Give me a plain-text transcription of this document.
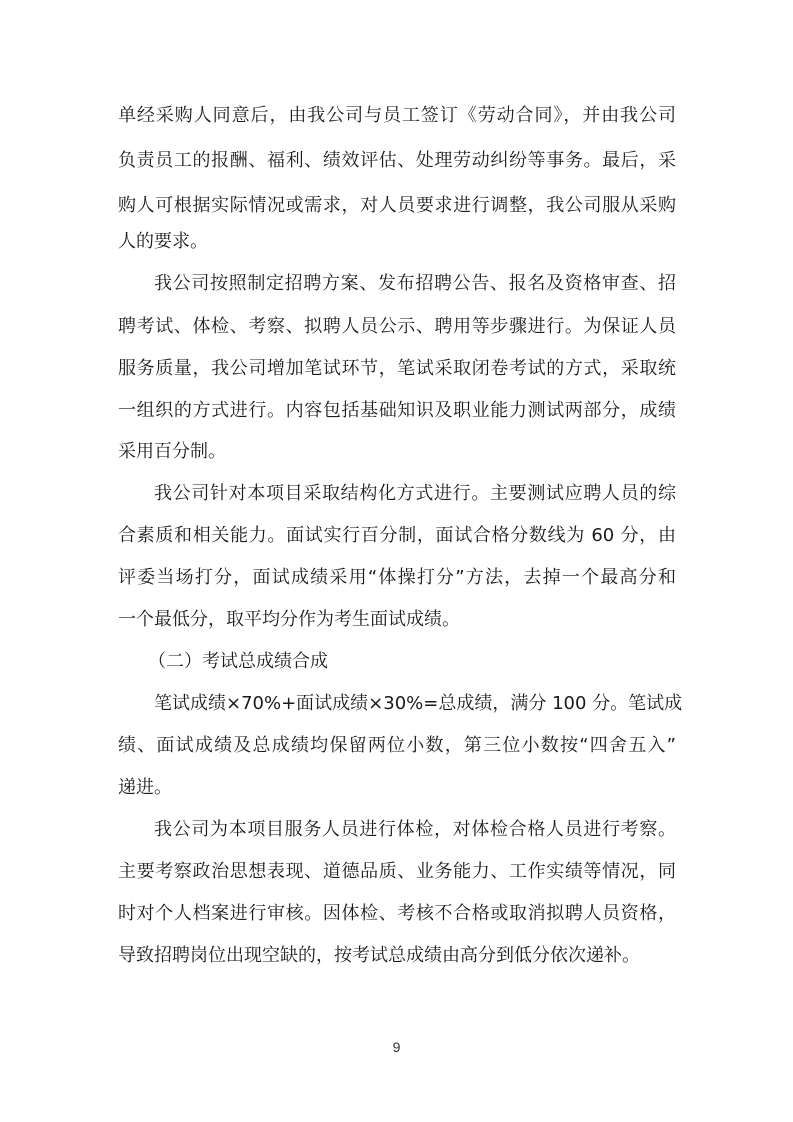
单经采购人同意后，由我公司与员工签订《劳动合同》，并由我公司
负责员工的报酬、福利、绩效评估、处理劳动纠纷等事务。最后，采
购人可根据实际情况或需求，对人员要求进行调整，我公司服从采购
人的要求。
我公司按照制定招聘方案、发布招聘公告、报名及资格审查、招
聘考试、体检、考察、拟聘人员公示、聘用等步骤进行。为保证人员
服务质量，我公司增加笔试环节，笔试采取闭卷考试的方式，采取统
一组织的方式进行。内容包括基础知识及职业能力测试两部分，成绩
采用百分制。
我公司针对本项目采取结构化方式进行。主要测试应聘人员的综
合素质和相关能力。面试实行百分制，面试合格分数线为 60 分，由
评委当场打分，面试成绩采用“体操打分”方法，去掉一个最高分和
一个最低分，取平均分作为考生面试成绩。
（二）考试总成绩合成
笔试成绩×70%+面试成绩×30%=总成绩，满分 100 分。笔试成
绩、面试成绩及总成绩均保留两位小数，第三位小数按“四舍五入”
递进。
我公司为本项目服务人员进行体检，对体检合格人员进行考察。
主要考察政治思想表现、道德品质、业务能力、工作实绩等情况，同
时对个人档案进行审核。因体检、考核不合格或取消拟聘人员资格，
导致招聘岗位出现空缺的，按考试总成绩由高分到低分依次递补。
9
